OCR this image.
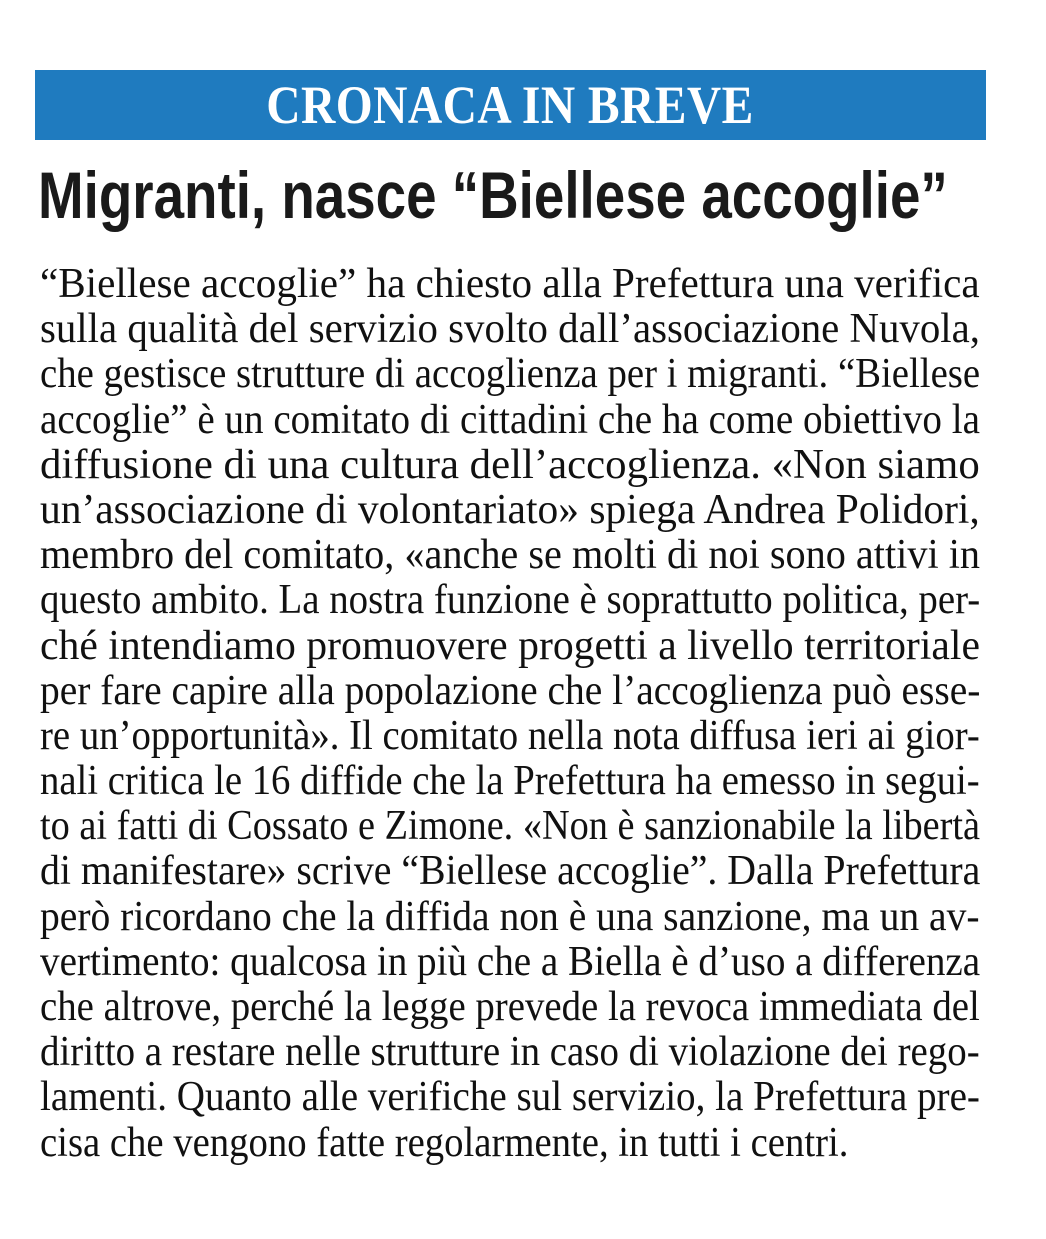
CRONACA IN BREVE
Migranti, nasce “Biellese accoglie”
“Biellese accoglie” ha chiesto alla Prefettura una verifica
sulla qualità del servizio svolto dall’associazione Nuvola,
che gestisce strutture di accoglienza per i migranti. “Biellese
accoglie” è un comitato di cittadini che ha come obiettivo la
diffusione di una cultura dell’accoglienza. «Non siamo
un’associazione di volontariato» spiega Andrea Polidori,
membro del comitato, «anche se molti di noi sono attivi in
questo ambito. La nostra funzione è soprattutto politica, per-
ché intendiamo promuovere progetti a livello territoriale
per fare capire alla popolazione che l’accoglienza può esse-
re un’opportunità». Il comitato nella nota diffusa ieri ai gior-
nali critica le 16 diffide che la Prefettura ha emesso in segui-
to ai fatti di Cossato e Zimone. «Non è sanzionabile la libertà
di manifestare» scrive “Biellese accoglie”. Dalla Prefettura
però ricordano che la diffida non è una sanzione, ma un av-
vertimento: qualcosa in più che a Biella è d’uso a differenza
che altrove, perché la legge prevede la revoca immediata del
diritto a restare nelle strutture in caso di violazione dei rego-
lamenti. Quanto alle verifiche sul servizio, la Prefettura pre-
cisa che vengono fatte regolarmente, in tutti i centri.
